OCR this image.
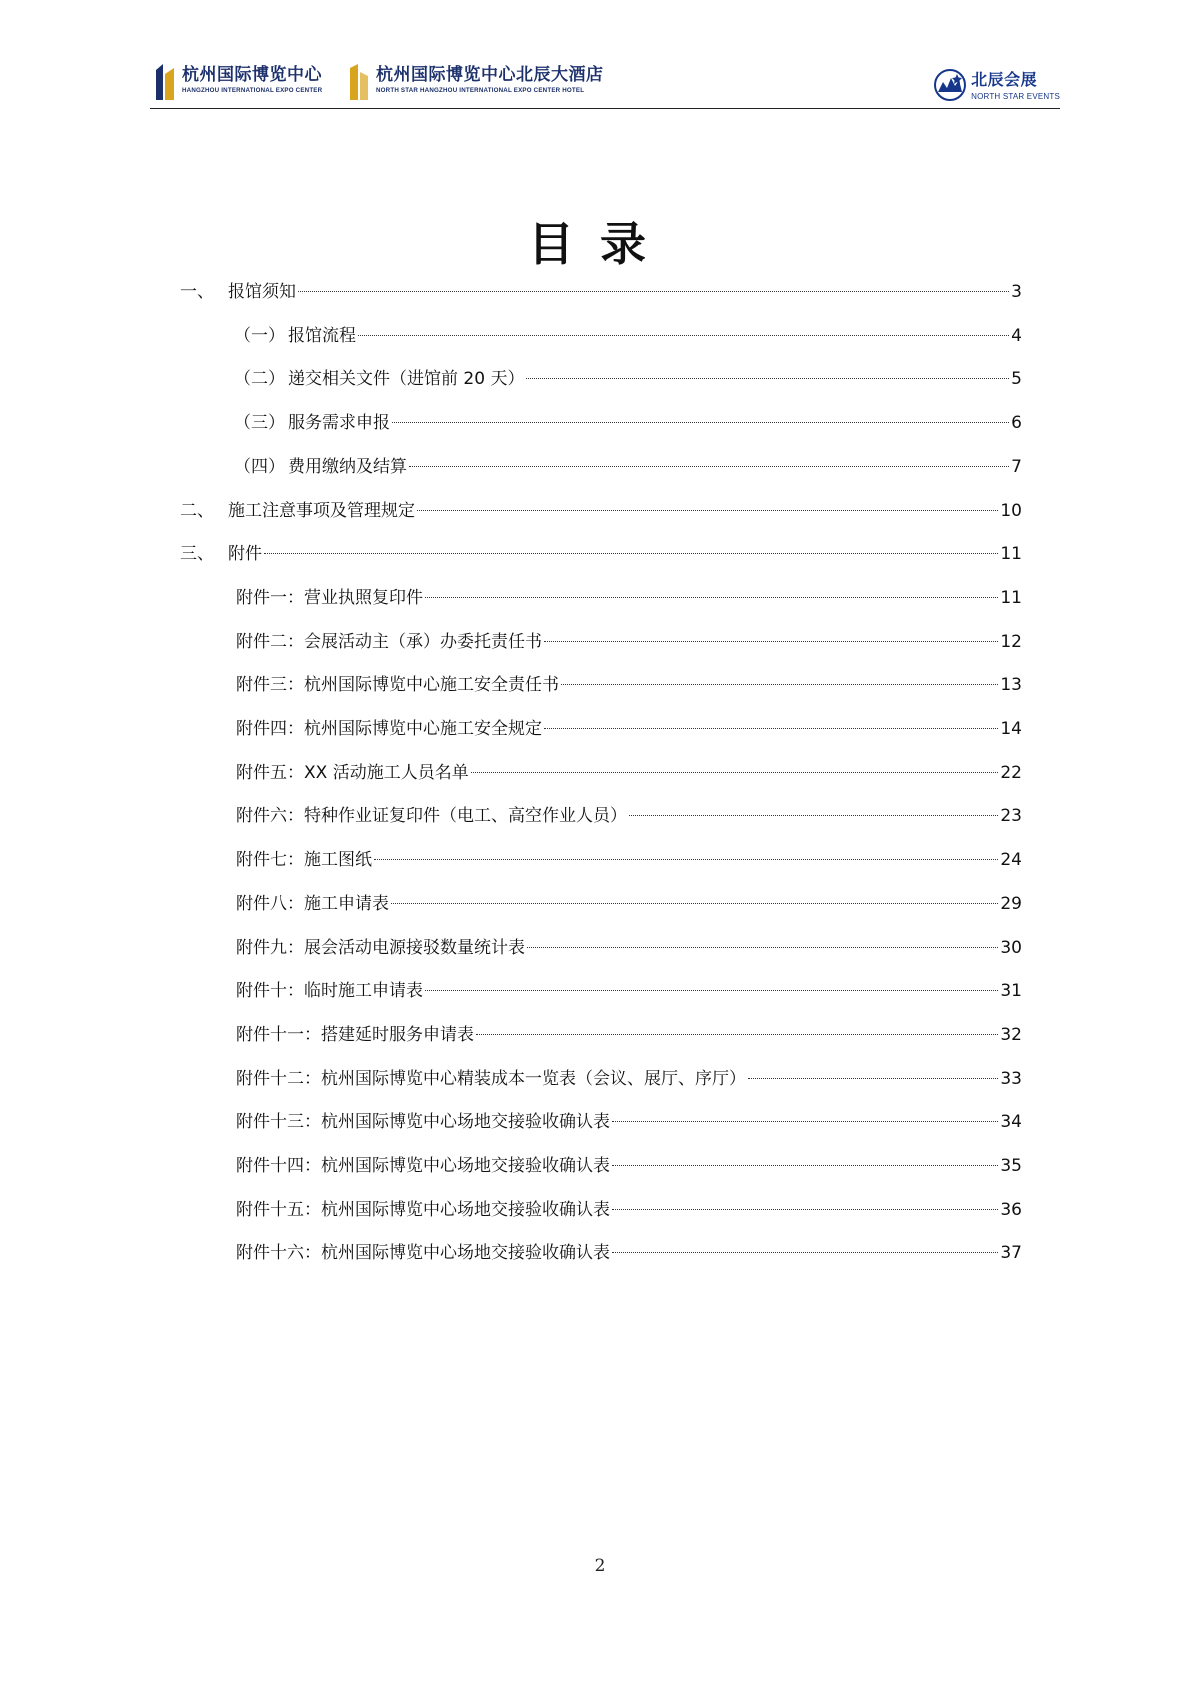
杭州国际博览中心
HANGZHOU INTERNATIONAL EXPO CENTER
杭州国际博览中心北辰大酒店
NORTH STAR HANGZHOU INTERNATIONAL EXPO CENTER HOTEL
北辰会展
NORTH STAR EVENTS
目录
一、 报馆须知	3
（一） 报馆流程	4
（二） 递交相关文件（进馆前 20 天）	5
（三） 服务需求申报	6
（四） 费用缴纳及结算	7
二、 施工注意事项及管理规定	10
三、 附件	11
附件一：营业执照复印件	11
附件二：会展活动主（承）办委托责任书	12
附件三：杭州国际博览中心施工安全责任书	13
附件四：杭州国际博览中心施工安全规定	14
附件五：XX 活动施工人员名单	22
附件六：特种作业证复印件（电工、高空作业人员）	23
附件七：施工图纸	24
附件八：施工申请表	29
附件九：展会活动电源接驳数量统计表	30
附件十：临时施工申请表	31
附件十一：搭建延时服务申请表	32
附件十二：杭州国际博览中心精装成本一览表（会议、展厅、序厅）	33
附件十三：杭州国际博览中心场地交接验收确认表	34
附件十四：杭州国际博览中心场地交接验收确认表	35
附件十五：杭州国际博览中心场地交接验收确认表	36
附件十六：杭州国际博览中心场地交接验收确认表	37
2
